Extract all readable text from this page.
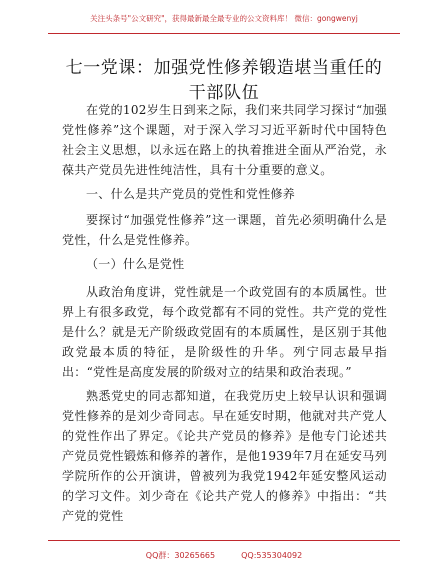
关注头条号"公文研究"，获得最新最全最专业的公文资料库！ 微信：gongwenyj
七一党课：加强党性修养锻造堪当重任的干部队伍

在党的102岁生日到来之际，我们来共同学习探讨“加强党性修养”这个课题，对于深入学习习近平新时代中国特色社会主义思想，以永远在路上的执着推进全面从严治党，永葆共产党员先进性纯洁性，具有十分重要的意义。

一、什么是共产党员的党性和党性修养

要探讨“加强党性修养”这一课题，首先必须明确什么是党性，什么是党性修养。

（一）什么是党性

从政治角度讲，党性就是一个政党固有的本质属性。世界上有很多政党，每个政党都有不同的党性。共产党的党性是什么？就是无产阶级政党固有的本质属性，是区别于其他政党最本质的特征，是阶级性的升华。列宁同志最早指出：“党性是高度发展的阶级对立的结果和政治表现。”

熟悉党史的同志都知道，在我党历史上较早认识和强调党性修养的是刘少奇同志。早在延安时期，他就对共产党人的党性作出了界定。《论共产党员的修养》是他专门论述共产党员党性锻炼和修养的著作，是他1939年7月在延安马列学院所作的公开演讲，曾被列为我党1942年延安整风运动的学习文件。刘少奇在《论共产党人的修养》中指出：“共产党的党性

QQ群：30265665	QQ:535304092
